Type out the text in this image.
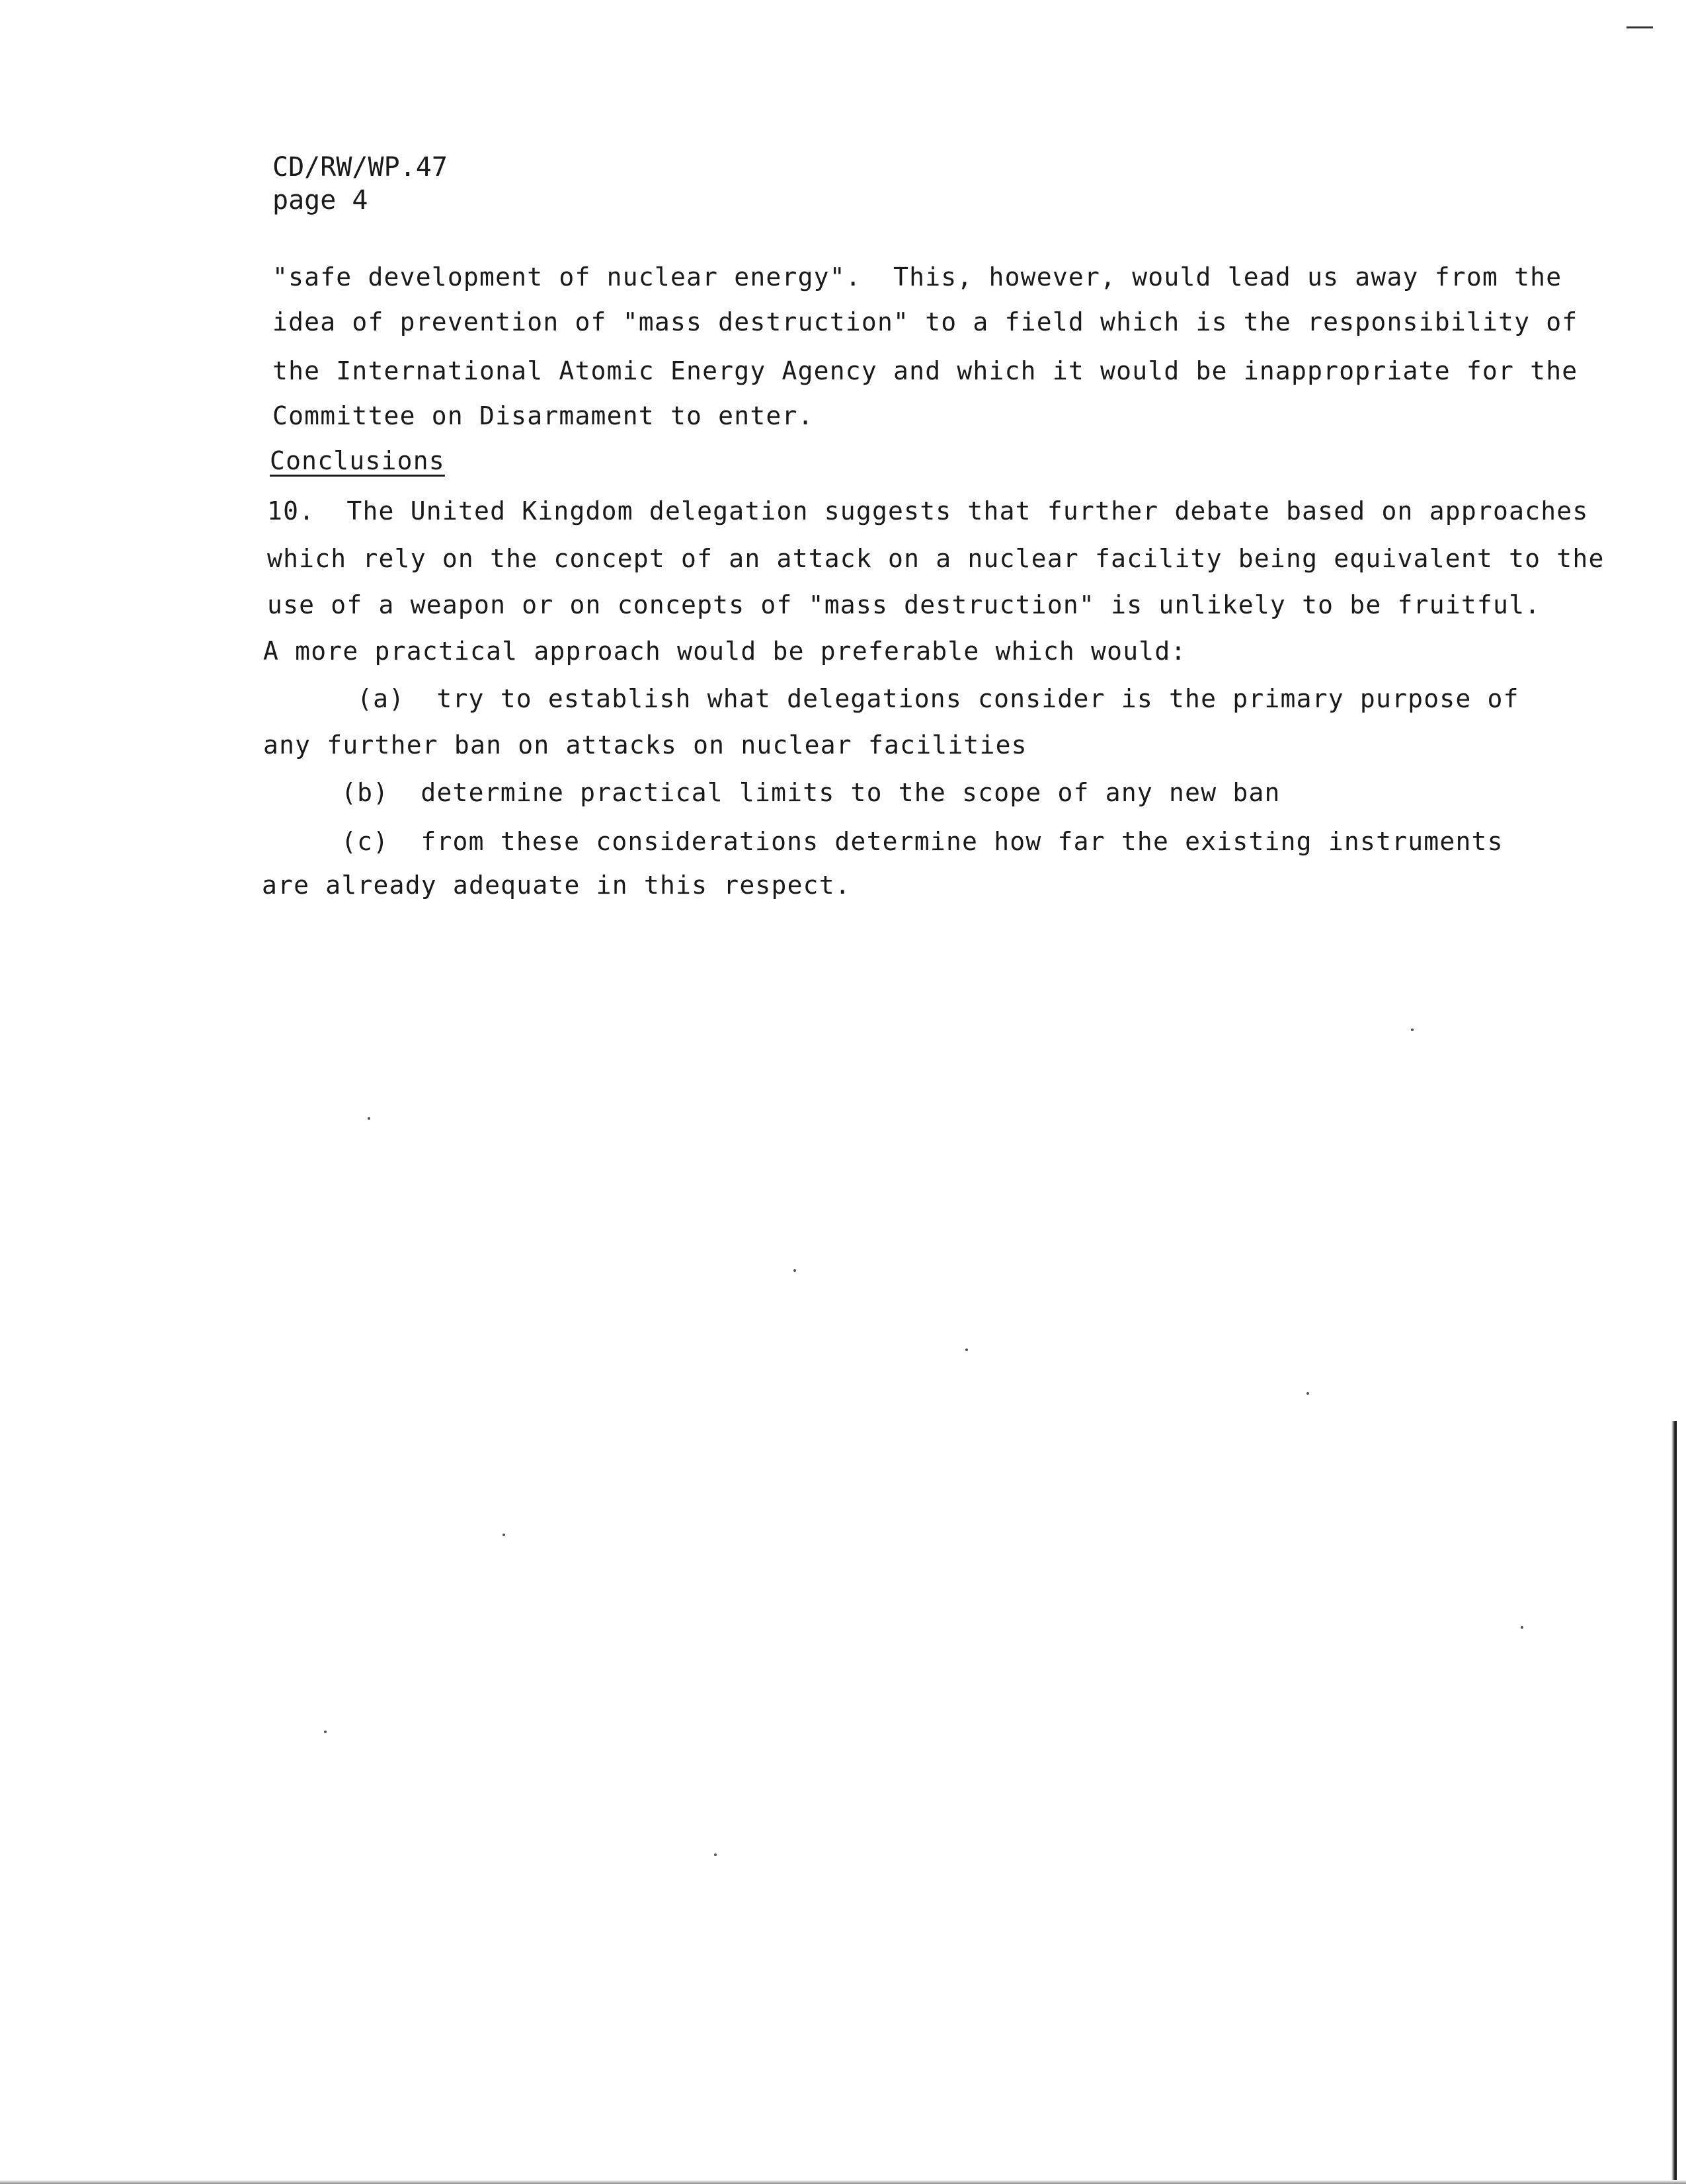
CD/RW/WP.47
page 4
"safe development of nuclear energy".  This, however, would lead us away from the
idea of prevention of "mass destruction" to a field which is the responsibility of
the International Atomic Energy Agency and which it would be inappropriate for the
Committee on Disarmament to enter.
Conclusions
10.  The United Kingdom delegation suggests that further debate based on approaches
which rely on the concept of an attack on a nuclear facility being equivalent to the
use of a weapon or on concepts of "mass destruction" is unlikely to be fruitful.
A more practical approach would be preferable which would:
(a)  try to establish what delegations consider is the primary purpose of
any further ban on attacks on nuclear facilities
(b)  determine practical limits to the scope of any new ban
(c)  from these considerations determine how far the existing instruments
are already adequate in this respect.
